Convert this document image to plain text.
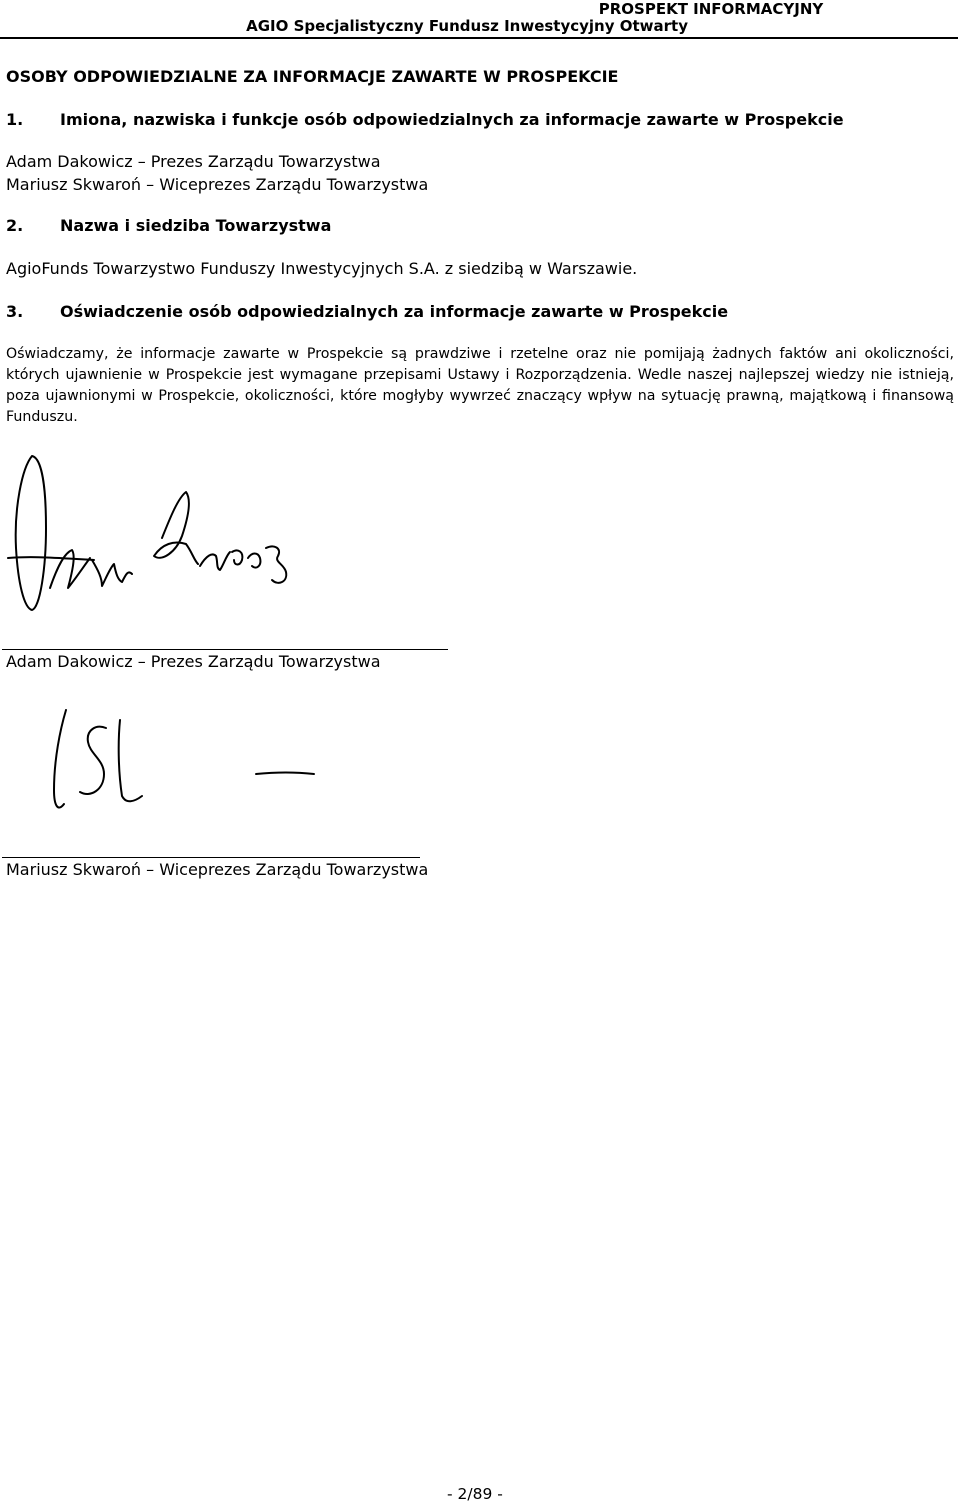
PROSPEKT INFORMACYJNY
AGIO Specjalistyczny Fundusz Inwestycyjny Otwarty
OSOBY ODPOWIEDZIALNE ZA INFORMACJE ZAWARTE W PROSPEKCIE
1. Imiona, nazwiska i funkcje osób odpowiedzialnych za informacje zawarte w Prospekcie
Adam Dakowicz – Prezes Zarządu Towarzystwa
Mariusz Skwaroń – Wiceprezes Zarządu Towarzystwa
2. Nazwa i siedziba Towarzystwa
AgioFunds Towarzystwo Funduszy Inwestycyjnych S.A. z siedzibą w Warszawie.
3. Oświadczenie osób odpowiedzialnych za informacje zawarte w Prospekcie
Oświadczamy, że informacje zawarte w Prospekcie są prawdziwe i rzetelne oraz nie pomijają żadnych faktów ani okoliczności, których ujawnienie w Prospekcie jest wymagane przepisami Ustawy i Rozporządzenia. Wedle naszej najlepszej wiedzy nie istnieją, poza ujawnionymi w Prospekcie, okoliczności, które mogłyby wywrzeć znaczący wpływ na sytuację prawną, majątkową i finansową Funduszu.
Adam Dakowicz – Prezes Zarządu Towarzystwa
Mariusz Skwaroń – Wiceprezes Zarządu Towarzystwa
- 2/89 -
